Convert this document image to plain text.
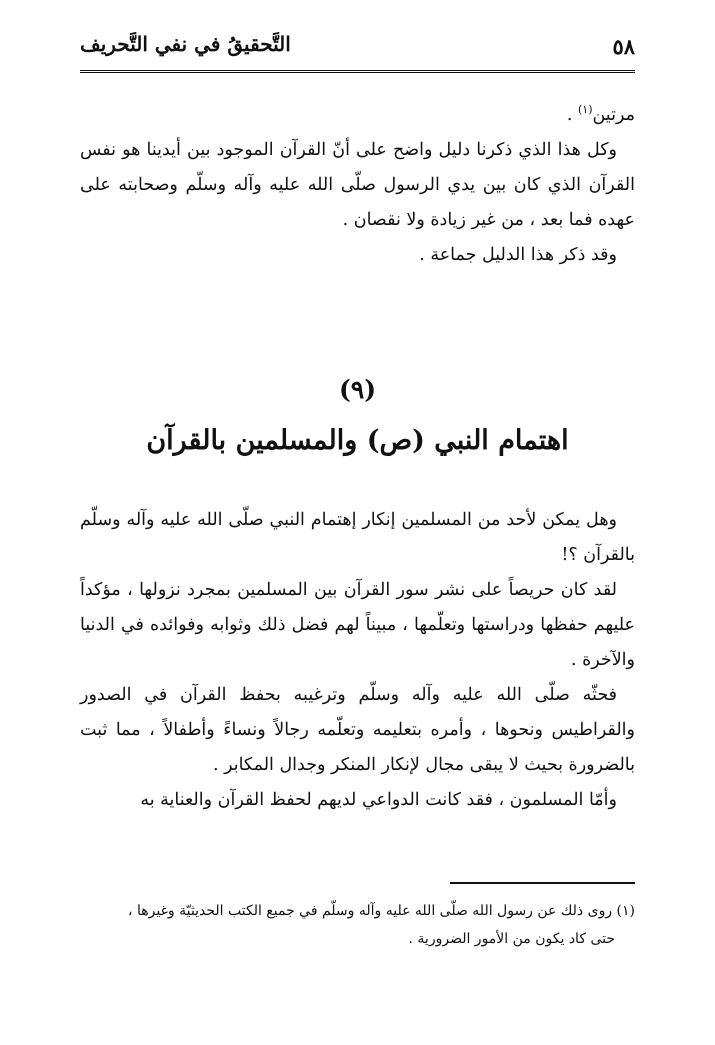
٥٨
التَّحقيقُ في نفي التَّحريف

مرتين$^{(١)}$ .

وكل هذا الذي ذكرنا دليل واضح على أنّ القرآن الموجود بين أيدينا هو نفس القرآن الذي كان بين يدي الرسول صلّى الله عليه وآله وسلّم وصحابته على عهده فما بعد ، من غير زيادة ولا نقصان .

وقد ذكر هذا الدليل جماعة .

(٩)
اهتمام النبي (ص) والمسلمين بالقرآن

وهل يمكن لأحد من المسلمين إنكار إهتمام النبي صلّى الله عليه وآله وسلّم بالقرآن ؟!

لقد كان حريصاً على نشر سور القرآن بين المسلمين بمجرد نزولها ، مؤكداً عليهم حفظها ودراستها وتعلّمها ، مبيناً لهم فضل ذلك وثوابه وفوائده في الدنيا والآخرة .

فحثّه صلّى الله عليه وآله وسلّم وترغيبه بحفظ القرآن في الصدور والقراطيس ونحوها ، وأمره بتعليمه وتعلّمه رجالاً ونساءً وأطفالاً ، مما ثبت بالضرورة بحيث لا يبقى مجال لإنكار المنكر وجدال المكابر .

وأمّا المسلمون ، فقد كانت الدواعي لديهم لحفظ القرآن والعناية به

(١) روى ذلك عن رسول الله صلّى الله عليه وآله وسلّم في جميع الكتب الحديثيّة وغيرها ،

حتى كاد يكون من الأمور الضرورية .
